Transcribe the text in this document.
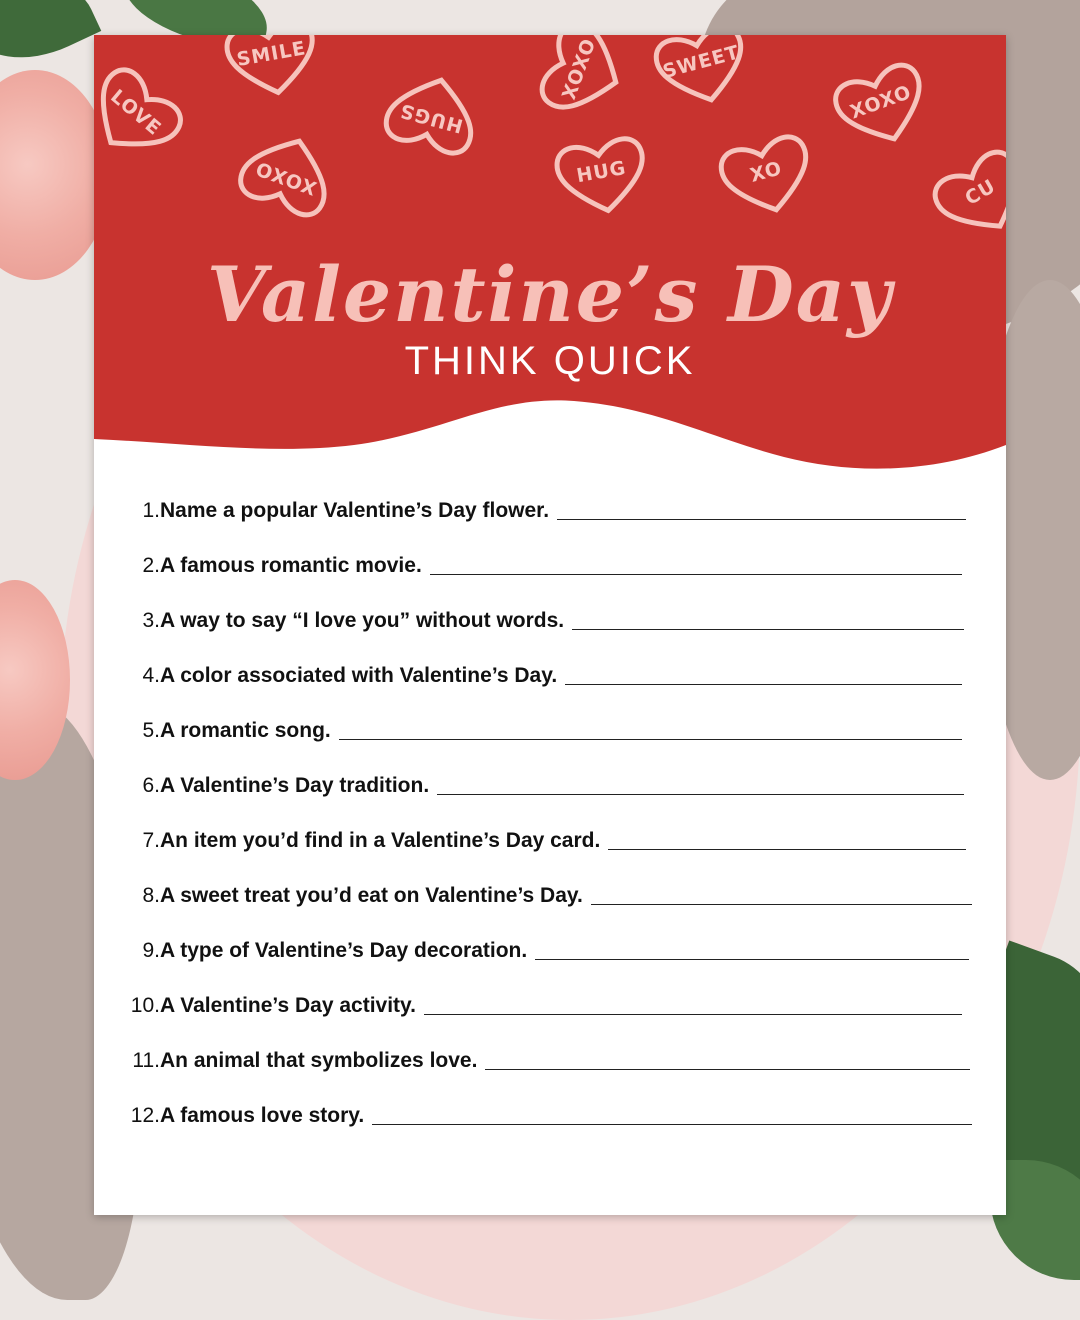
LOVE
SMILE
HUGS
XOXO
SWEET
XOXO	XOXO
XO
HUG
CU
Valentine’s Day
THINK QUICK
1. Name a popular Valentine’s Day flower.
2. A famous romantic movie.
3. A way to say “I love you” without words.
4. A color associated with Valentine’s Day.
5. A romantic song.
6. A Valentine’s Day tradition.
7. An item you’d find in a Valentine’s Day card.
8. A sweet treat you’d eat on Valentine’s Day.
9. A type of Valentine’s Day decoration.
10. A Valentine’s Day activity.
11. An animal that symbolizes love.
12. A famous love story.
